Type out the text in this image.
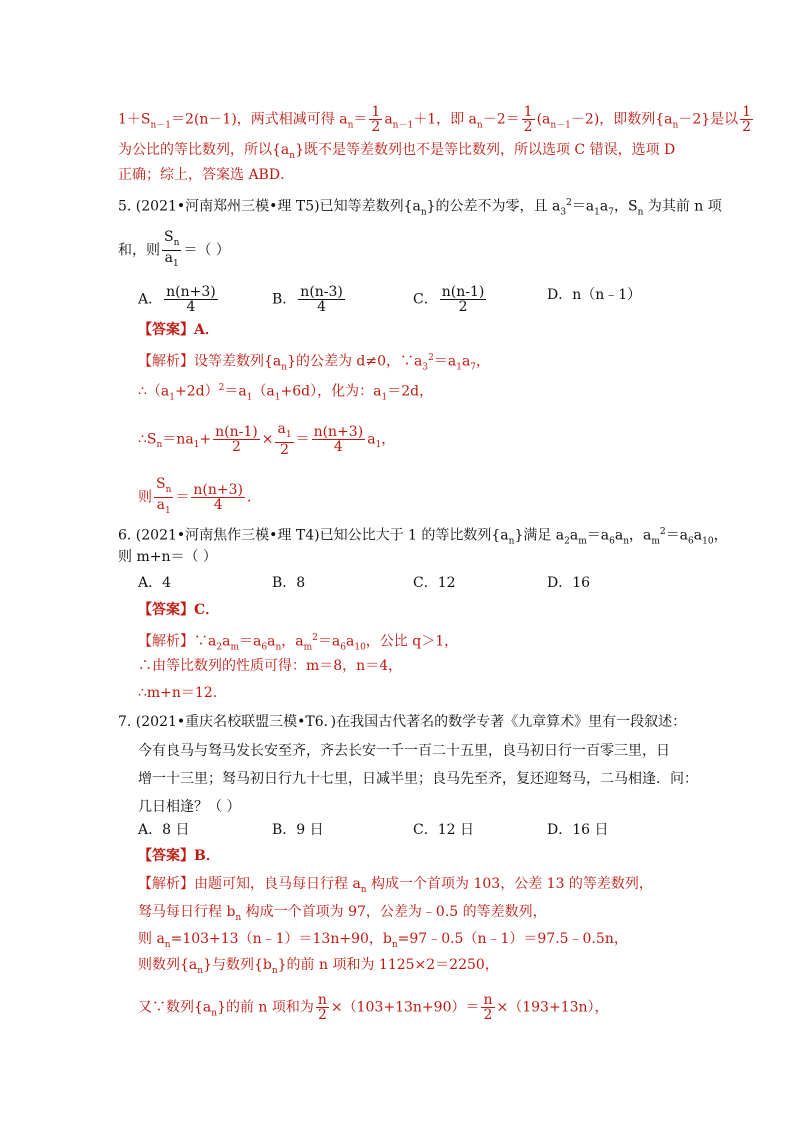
$1+S_{n-1}=2(n-1)$，两式相减可得 $a_n= \frac{1}{2} a_{n-1}+1$，即 $a_n-2= \frac{1}{2} (a_{n-1}-2)$，即数列$\{a_n-2\}$是以 $\frac{1}{2}$
为公比的等比数列，所以$\{a_n\}$既不是等差数列也不是等比数列，所以选项 C 错误，选项 D
正确；综上，答案选 ABD．
5. (2021•河南郑州三模•理 T5)已知等差数列$\{a_n\}$的公差不为零，且 $a_3^2=a_1a_7$，$S_n$ 为其前 n 项
和，则 $\frac{S_n}{a_1}$ ＝（ ）
A． $\frac{n(n+3)}{4}$	B． $\frac{n(n-3)}{4}$	C． $\frac{n(n-1)}{2}$	D．n（n﹣1）
【答案】A．
【解析】设等差数列$\{a_n\}$的公差为 d≠0，$\because a_3^2=a_1a_7$，
$\therefore(a_1+2d)^2=a_1(a_1+6d)$，化为：$a_1=2d$，
$\therefore S_n=na_1+ \frac{n(n-1)}{2} \times \frac{a_1}{2} = \frac{n(n+3)}{4} a_1$，
则 $\frac{S_n}{a_1} = \frac{n(n+3)}{4}$ ．
6. (2021•河南焦作三模•理 T4)已知公比大于 1 的等比数列$\{a_n\}$满足 $a_2a_m=a_6a_n$，$a_m^2=a_6a_{10}$，
则 m+n＝（ ）
A．4	B．8	C．12	D．16
【答案】C．
【解析】$\because a_2a_m=a_6a_n$，$a_m^2=a_6a_{10}$，公比 q＞1，
∴由等比数列的性质可得：m＝8，n＝4，
∴m+n＝12．
7. (2021•重庆名校联盟三模•T6．)在我国古代著名的数学专著《九章算术》里有一段叙述：
今有良马与驽马发长安至齐，齐去长安一千一百二十五里，良马初日行一百零三里，日
增一十三里；驽马初日行九十七里，日减半里；良马先至齐，复还迎驽马，二马相逢．问：
几日相逢？（ ）
A．8 日	B．9 日	C．12 日	D．16 日
【答案】B．
【解析】由题可知，良马每日行程 $a_n$ 构成一个首项为 103，公差 13 的等差数列，
驽马每日行程 $b_n$ 构成一个首项为 97，公差为﹣0.5 的等差数列，
则 $a_n=103+13(n﹣1)=13n+90$，$b_n=97﹣0.5(n﹣1)=97.5﹣0.5n$，
则数列$\{a_n\}$与数列$\{b_n\}$的前 n 项和为 1125×2＝2250，
又∵数列$\{a_n\}$的前 n 项和为 $\frac{n}{2} \times(103+13n+90)= \frac{n}{2} \times(193+13n)$，
